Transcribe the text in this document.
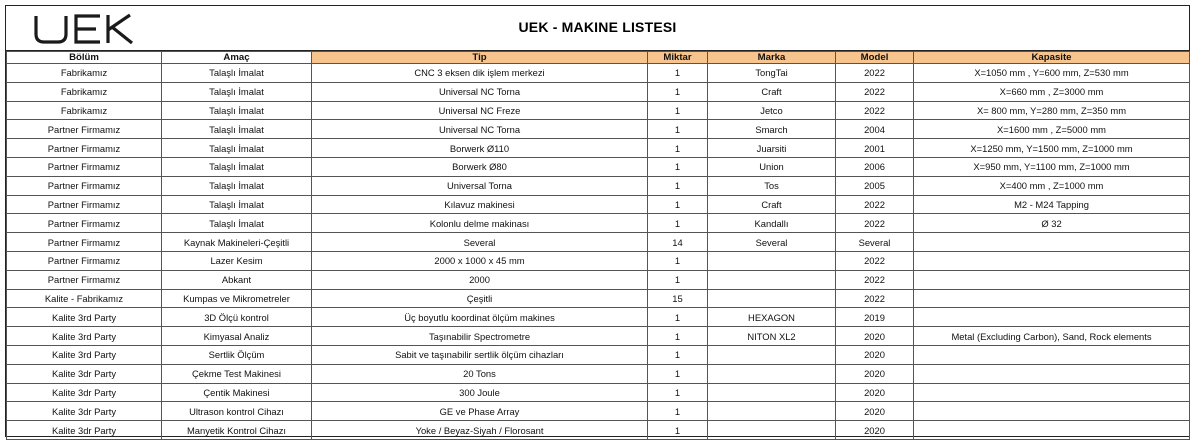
UEK - MAKINE LISTESI
Bölüm	Amaç	Tip	Miktar	Marka	Model	Kapasite
Fabrikamız	Talaşlı İmalat	CNC 3 eksen dik işlem merkezi	1	TongTai	2022	X=1050 mm , Y=600 mm, Z=530 mm
Fabrikamız	Talaşlı İmalat	Universal NC Torna	1	Craft	2022	X=660 mm , Z=3000 mm
Fabrikamız	Talaşlı İmalat	Universal NC Freze	1	Jetco	2022	X= 800 mm, Y=280 mm, Z=350 mm
Partner Firmamız	Talaşlı İmalat	Universal NC Torna	1	Smarch	2004	X=1600 mm , Z=5000 mm
Partner Firmamız	Talaşlı İmalat	Borwerk Ø110	1	Juarsiti	2001	X=1250 mm, Y=1500 mm, Z=1000 mm
Partner Firmamız	Talaşlı İmalat	Borwerk Ø80	1	Union	2006	X=950 mm, Y=1100 mm, Z=1000 mm
Partner Firmamız	Talaşlı İmalat	Universal Torna	1	Tos	2005	X=400 mm , Z=1000 mm
Partner Firmamız	Talaşlı İmalat	Kılavuz makinesi	1	Craft	2022	M2 - M24 Tapping
Partner Firmamız	Talaşlı İmalat	Kolonlu delme makinası	1	Kandallı	2022	Ø 32
Partner Firmamız	Kaynak Makineleri-Çeşitli	Several	14	Several	Several	
Partner Firmamız	Lazer Kesim	2000 x 1000 x 45 mm	1		2022	
Partner Firmamız	Abkant	2000	1		2022	
Kalite - Fabrikamız	Kumpas ve Mikrometreler	Çeşitli	15		2022	
Kalite 3rd Party	3D Ölçü kontrol	Üç boyutlu koordinat ölçüm makines	1	HEXAGON	2019	
Kalite 3rd Party	Kimyasal Analiz	Taşınabilir Spectrometre	1	NITON XL2	2020	Metal (Excluding Carbon), Sand, Rock elements
Kalite 3rd Party	Sertlik Ölçüm	Sabit ve taşınabilir sertlik ölçüm cihazları	1		2020	
Kalite 3dr Party	Çekme Test Makinesi	20 Tons	1		2020	
Kalite 3dr Party	Çentik Makinesi	300 Joule	1		2020	
Kalite 3dr Party	Ultrason kontrol Cihazı	GE ve Phase Array	1		2020	
Kalite 3dr Party	Manyetik Kontrol Cihazı	Yoke / Beyaz-Siyah / Florosant	1		2020	
